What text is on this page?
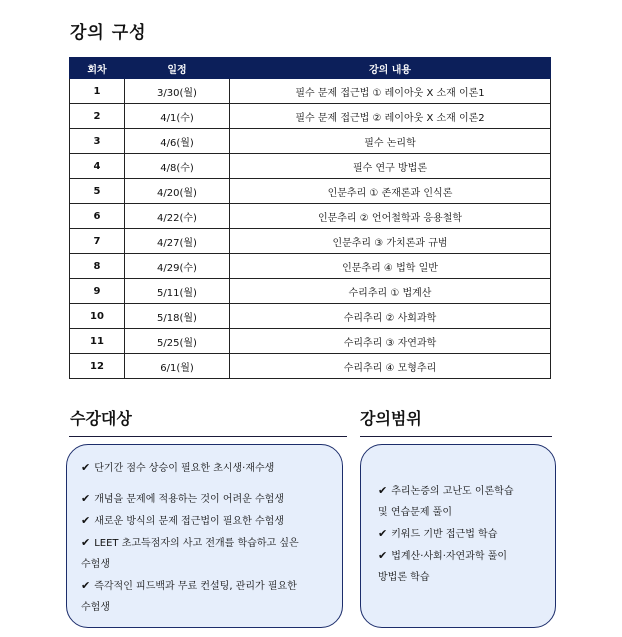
강의 구성
회차	일정	강의 내용
1	3/30(월)	필수 문제 접근법 ① 레이아웃 X 소재 이론1
2	4/1(수)	필수 문제 접근법 ② 레이아웃 X 소재 이론2
3	4/6(월)	필수 논리학
4	4/8(수)	필수 연구 방법론
5	4/20(월)	인문추리 ① 존재론과 인식론
6	4/22(수)	인문추리 ② 언어철학과 응용철학
7	4/27(월)	인문추리 ③ 가치론과 규범
8	4/29(수)	인문추리 ④ 법학 일반
9	5/11(월)	수리추리 ① 법계산
10	5/18(월)	수리추리 ② 사회과학
11	5/25(월)	수리추리 ③ 자연과학
12	6/1(월)	수리추리 ④ 모형추리
수강대상	강의범위
✔ 단기간 점수 상승이 필요한 초시생·재수생
✔ 개념을 문제에 적용하는 것이 어려운 수험생
✔ 새로운 방식의 문제 접근법이 필요한 수험생
✔ LEET 초고득점자의 사고 전개를 학습하고 싶은
수험생
✔ 즉각적인 피드백과 무료 컨설팅, 관리가 필요한
수험생
✔ 추리논증의 고난도 이론학습
및 연습문제 풀이
✔ 키워드 기반 접근법 학습
✔ 법계산·사회·자연과학 풀이
방법론 학습
